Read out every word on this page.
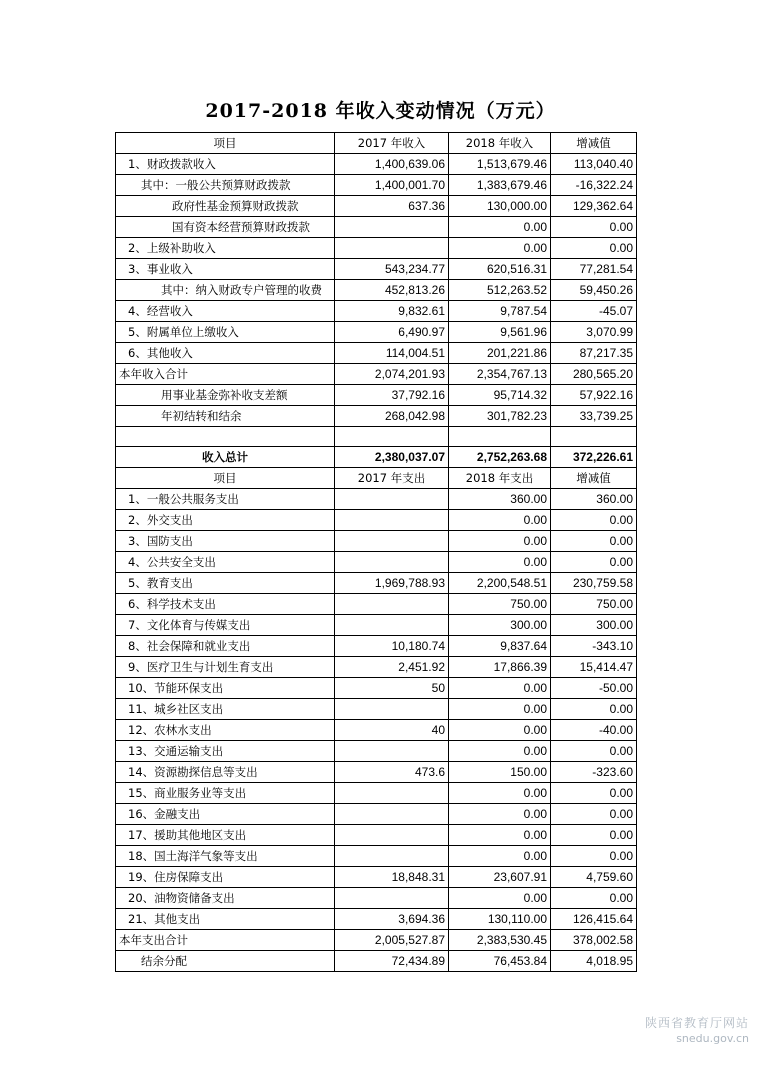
2017-2018 年收入变动情况（万元）
项目	2017 年收入	2018 年收入	增减值
1、财政拨款收入	1,400,639.06	1,513,679.46	113,040.40
其中：一般公共预算财政拨款	1,400,001.70	1,383,679.46	-16,322.24
政府性基金预算财政拨款	637.36	130,000.00	129,362.64
国有资本经营预算财政拨款		0.00	0.00
2、上级补助收入		0.00	0.00
3、事业收入	543,234.77	620,516.31	77,281.54
其中：纳入财政专户管理的收费	452,813.26	512,263.52	59,450.26
4、经营收入	9,832.61	9,787.54	-45.07
5、附属单位上缴收入	6,490.97	9,561.96	3,070.99
6、其他收入	114,004.51	201,221.86	87,217.35
本年收入合计	2,074,201.93	2,354,767.13	280,565.20
用事业基金弥补收支差额	37,792.16	95,714.32	57,922.16
年初结转和结余	268,042.98	301,782.23	33,739.25

收入总计	2,380,037.07	2,752,263.68	372,226.61
项目	2017 年支出	2018 年支出	增减值
1、一般公共服务支出		360.00	360.00
2、外交支出		0.00	0.00
3、国防支出		0.00	0.00
4、公共安全支出		0.00	0.00
5、教育支出	1,969,788.93	2,200,548.51	230,759.58
6、科学技术支出		750.00	750.00
7、文化体育与传媒支出		300.00	300.00
8、社会保障和就业支出	10,180.74	9,837.64	-343.10
9、医疗卫生与计划生育支出	2,451.92	17,866.39	15,414.47
10、节能环保支出	50	0.00	-50.00
11、城乡社区支出		0.00	0.00
12、农林水支出	40	0.00	-40.00
13、交通运输支出		0.00	0.00
14、资源勘探信息等支出	473.6	150.00	-323.60
15、商业服务业等支出		0.00	0.00
16、金融支出		0.00	0.00
17、援助其他地区支出		0.00	0.00
18、国土海洋气象等支出		0.00	0.00
19、住房保障支出	18,848.31	23,607.91	4,759.60
20、油物资储备支出		0.00	0.00
21、其他支出	3,694.36	130,110.00	126,415.64
本年支出合计	2,005,527.87	2,383,530.45	378,002.58
结余分配	72,434.89	76,453.84	4,018.95
陕西省教育厅网站
snedu.gov.cn
